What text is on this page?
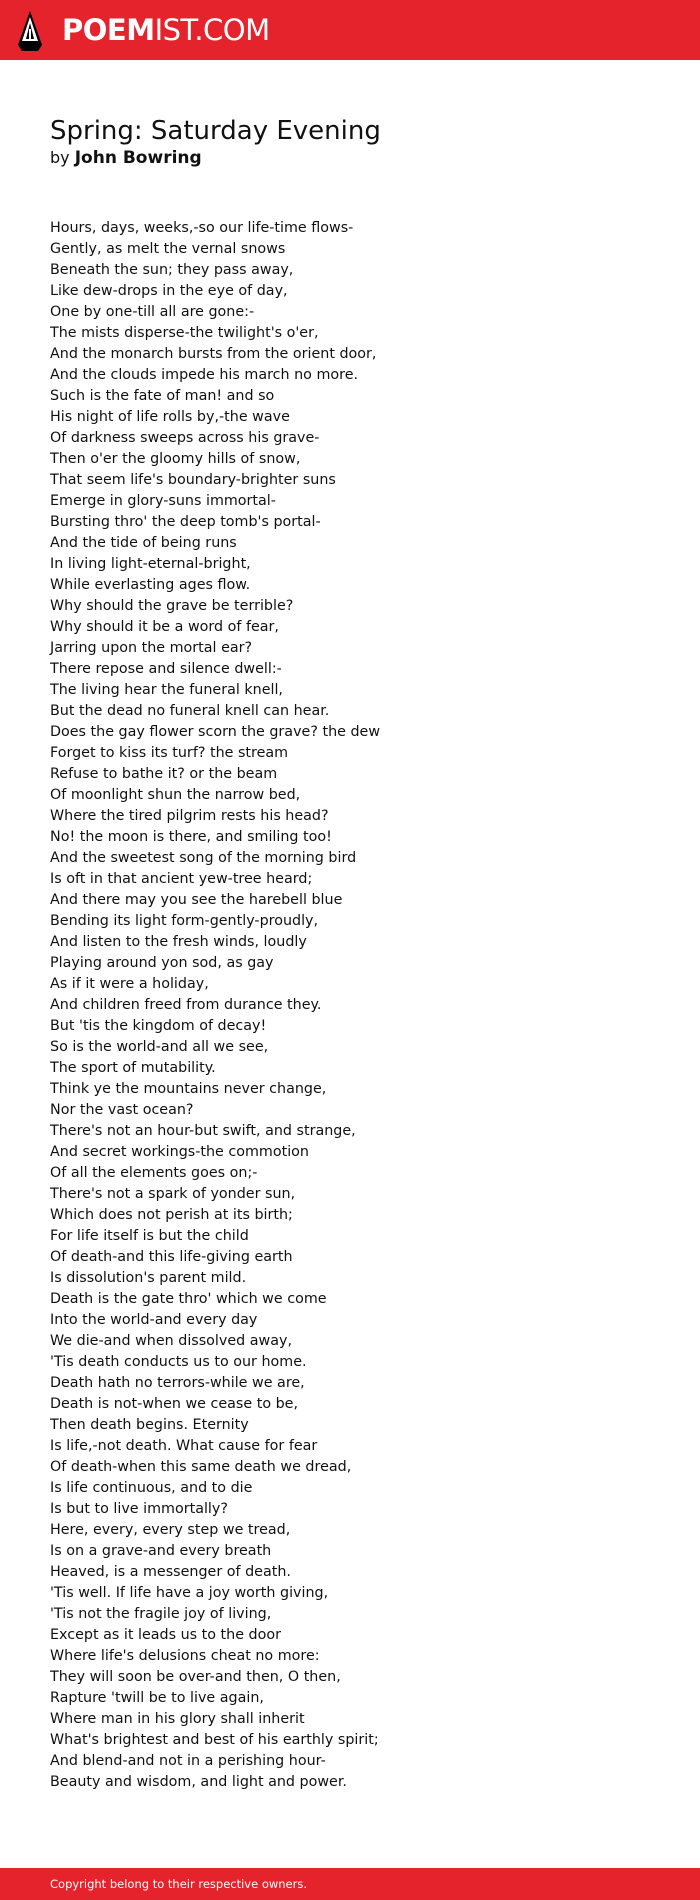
POEMIST.COM
Spring: Saturday Evening
by John Bowring
Hours, days, weeks,-so our life-time flows-
Gently, as melt the vernal snows
Beneath the sun; they pass away,
Like dew-drops in the eye of day,
One by one-till all are gone:-
The mists disperse-the twilight's o'er,
And the monarch bursts from the orient door,
And the clouds impede his march no more.
Such is the fate of man! and so
His night of life rolls by,-the wave
Of darkness sweeps across his grave-
Then o'er the gloomy hills of snow,
That seem life's boundary-brighter suns
Emerge in glory-suns immortal-
Bursting thro' the deep tomb's portal-
And the tide of being runs
In living light-eternal-bright,
While everlasting ages flow.
Why should the grave be terrible?
Why should it be a word of fear,
Jarring upon the mortal ear?
There repose and silence dwell:-
The living hear the funeral knell,
But the dead no funeral knell can hear.
Does the gay flower scorn the grave? the dew
Forget to kiss its turf? the stream
Refuse to bathe it? or the beam
Of moonlight shun the narrow bed,
Where the tired pilgrim rests his head?
No! the moon is there, and smiling too!
And the sweetest song of the morning bird
Is oft in that ancient yew-tree heard;
And there may you see the harebell blue
Bending its light form-gently-proudly,
And listen to the fresh winds, loudly
Playing around yon sod, as gay
As if it were a holiday,
And children freed from durance they.
But 'tis the kingdom of decay!
So is the world-and all we see,
The sport of mutability.
Think ye the mountains never change,
Nor the vast ocean?
There's not an hour-but swift, and strange,
And secret workings-the commotion
Of all the elements goes on;-
There's not a spark of yonder sun,
Which does not perish at its birth;
For life itself is but the child
Of death-and this life-giving earth
Is dissolution's parent mild.
Death is the gate thro' which we come
Into the world-and every day
We die-and when dissolved away,
'Tis death conducts us to our home.
Death hath no terrors-while we are,
Death is not-when we cease to be,
Then death begins. Eternity
Is life,-not death. What cause for fear
Of death-when this same death we dread,
Is life continuous, and to die
Is but to live immortally?
Here, every, every step we tread,
Is on a grave-and every breath
Heaved, is a messenger of death.
'Tis well. If life have a joy worth giving,
'Tis not the fragile joy of living,
Except as it leads us to the door
Where life's delusions cheat no more:
They will soon be over-and then, O then,
Rapture 'twill be to live again,
Where man in his glory shall inherit
What's brightest and best of his earthly spirit;
And blend-and not in a perishing hour-
Beauty and wisdom, and light and power.
Copyright belong to their respective owners.
